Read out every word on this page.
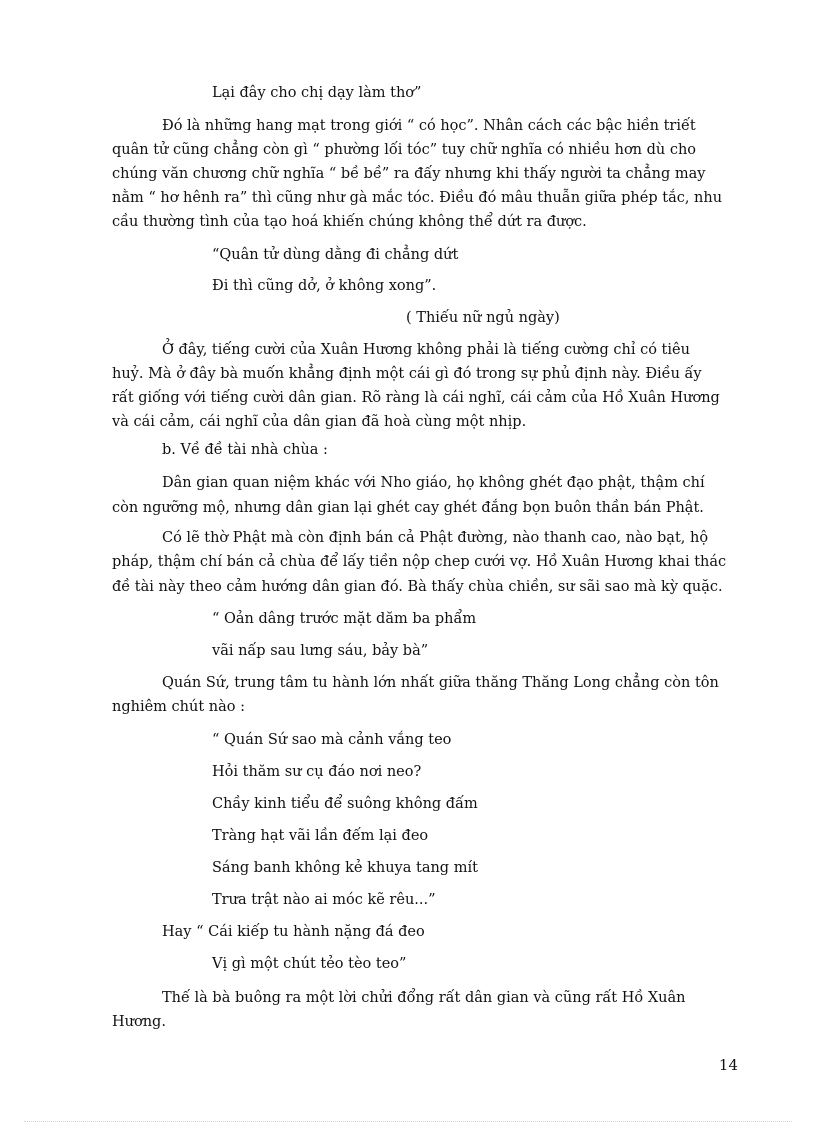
Lại đây cho chị dạy làm thơ”
Đó là những hang mạt trong giới “ có học”. Nhân cách các bậc hiền triết
quân tử cũng chẳng còn gì “ phường lối tóc” tuy chữ nghĩa có nhiều hơn dù cho
chúng văn chương chữ nghĩa “ bề bề” ra đấy nhưng khi thấy người ta chẳng may
nằm “ hơ hênh ra” thì cũng như gà mắc tóc. Điều đó mâu thuẫn giữa phép tắc, nhu
cầu thường tình của tạo hoá khiến chúng không thể dứt ra được.
“Quân tử dùng dằng đi chẳng dứt
Đi thì cũng dở, ở không xong”.
( Thiếu nữ ngủ ngày)
Ở đây, tiếng cười của Xuân Hương không phải là tiếng cường chỉ có tiêu
huỷ. Mà ở đây bà muốn khẳng định một cái gì đó trong sự phủ định này. Điều ấy
rất giống với tiếng cười dân gian. Rõ ràng là cái nghĩ, cái cảm của Hồ Xuân Hương
và cái cảm, cái nghĩ của dân gian đã hoà cùng một nhịp.
b. Về đề tài nhà chùa :
Dân gian quan niệm khác với Nho giáo, họ không ghét đạo phật, thậm chí
còn ngưỡng mộ, nhưng dân gian lại ghét cay ghét đắng bọn buôn thần bán Phật.
Có lẽ thờ Phật mà còn định bán cả Phật đường, nào thanh cao, nào bạt, hộ
pháp, thậm chí bán cả chùa để lấy tiền nộp chep cưới vợ. Hồ Xuân Hương khai thác
đề tài này theo cảm hướng dân gian đó. Bà thấy chùa chiền, sư sãi sao mà kỳ quặc.
“ Oản dâng trước mặt dăm ba phẩm
vãi nấp sau lưng sáu, bảy bà”
Quán Sứ, trung tâm tu hành lớn nhất giữa thăng Thăng Long chẳng còn tôn
nghiêm chút nào :
“ Quán Sứ sao mà cảnh vắng teo
Hỏi thăm sư cụ đáo nơi neo?
Chầy kinh tiểu để suông không đấm
Tràng hạt vãi lần đếm lại đeo
Sáng banh không kẻ khuya tang mít
Trưa trật nào ai móc kẽ rêu...”
Hay “ Cái kiếp tu hành nặng đá đeo
Vị gì một chút tẻo tèo teo”
Thế là bà buông ra một lời chửi đổng rất dân gian và cũng rất Hồ Xuân
Hương.
14
